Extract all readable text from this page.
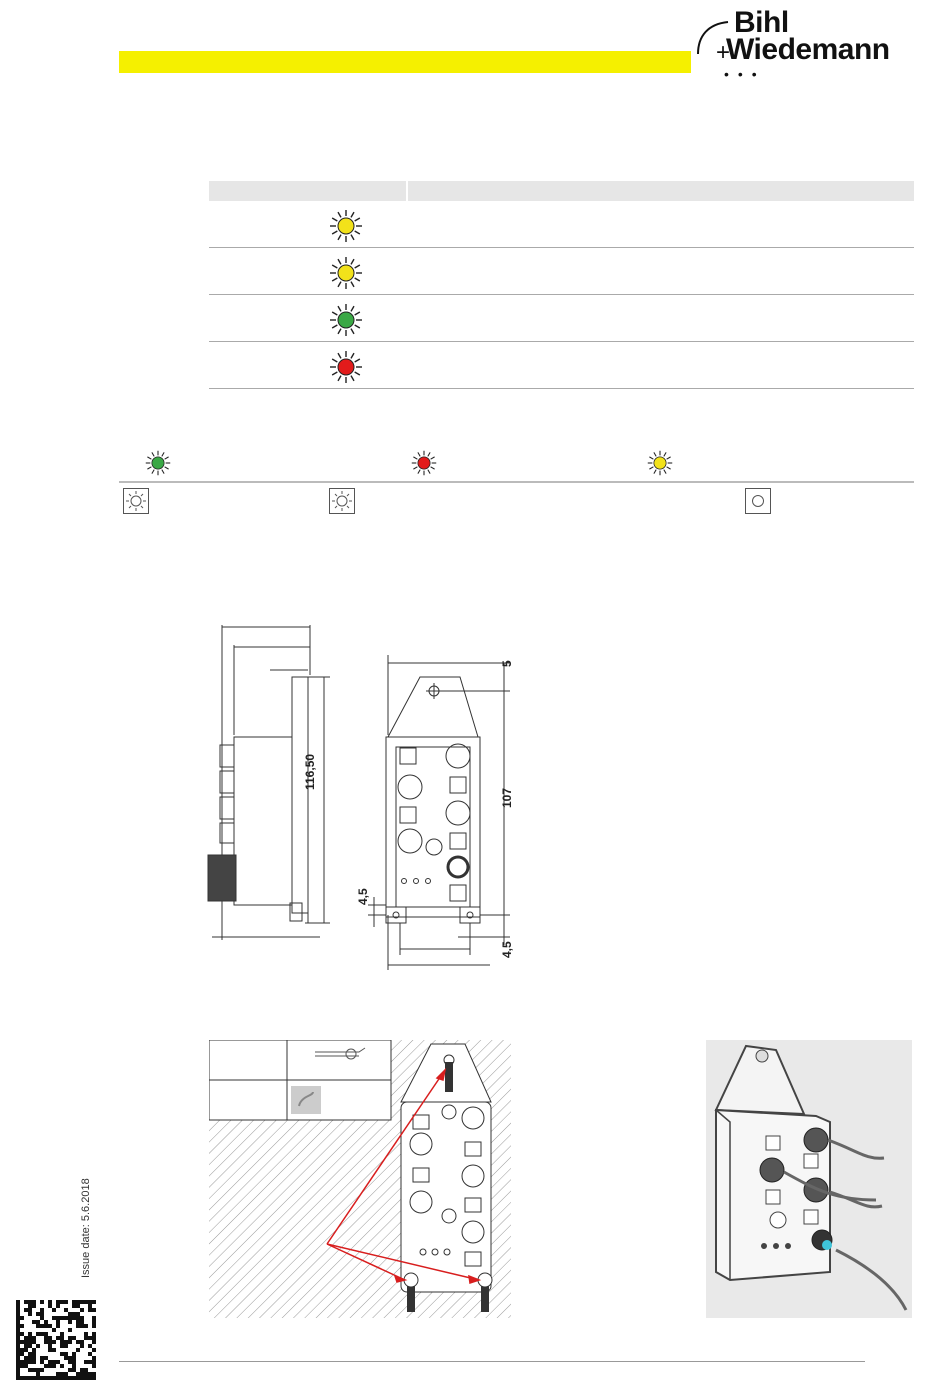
Bihl
+
Wiedemann
•••
116,50
107
5
4,5
4,5
Issue date: 5.6.2018
